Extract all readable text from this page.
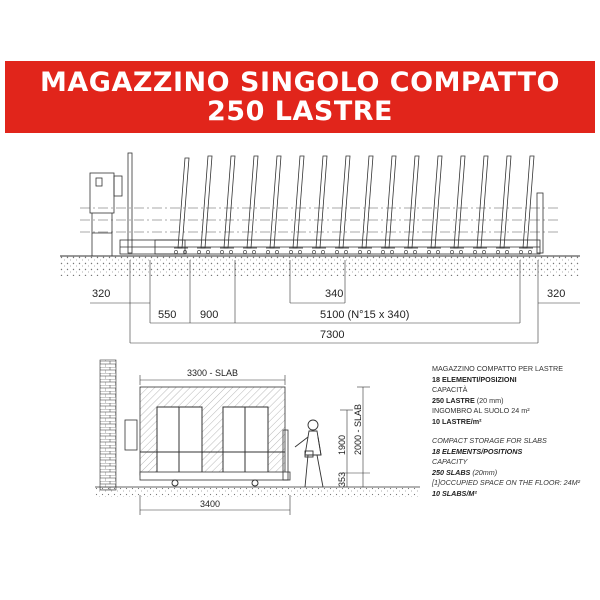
MAGAZZINO SINGOLO COMPATTO
250 LASTRE
320	320
340
550 900	5100 (N°15 x 340)
7300
3300 - SLAB
3400
2000 - SLAB
1900
353
MAGAZZINO COMPATTO PER LASTRE
18 ELEMENTI/POSIZIONI
CAPACITÀ
250 LASTRE (20 mm)
INGOMBRO AL SUOLO 24 m²
10 LASTRE/m²
COMPACT STORAGE FOR SLABS
18 ELEMENTS/POSITIONS
CAPACITY
250 SLABS (20mm)
[1]OCCUPIED SPACE ON THE FLOOR: 24M²
10 SLABS/M²
